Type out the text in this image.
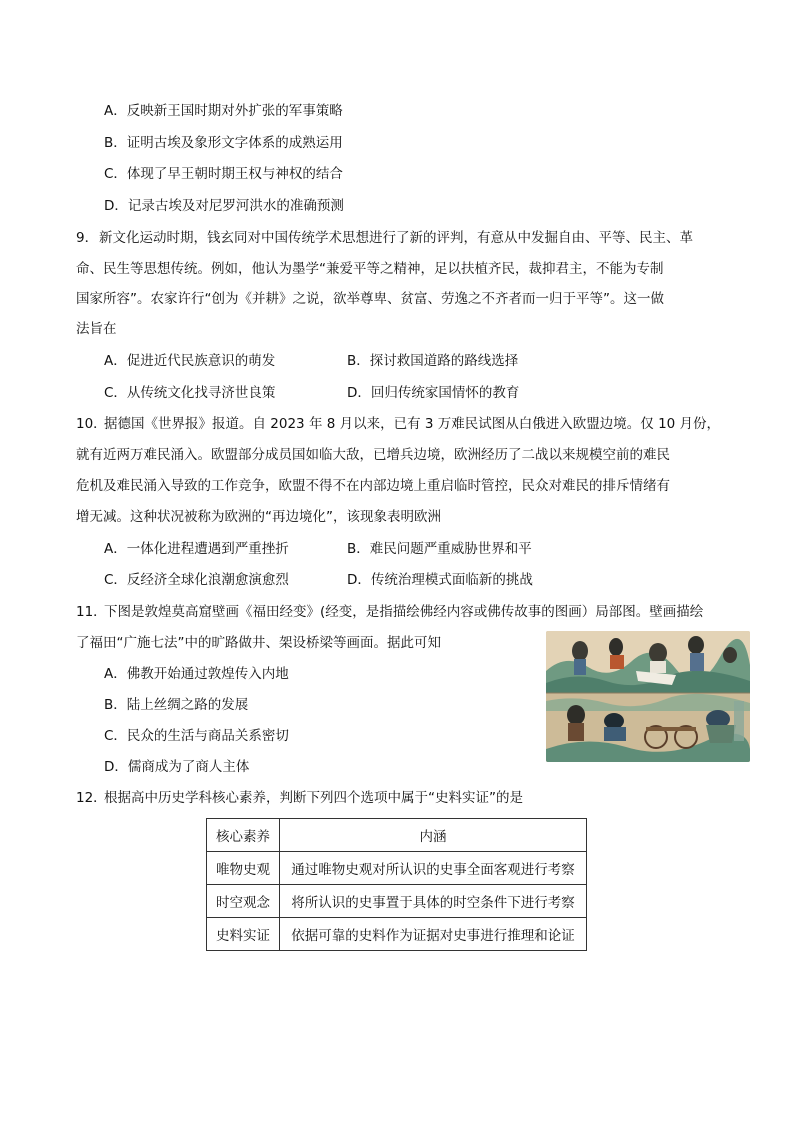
A．反映新王国时期对外扩张的军事策略
B．证明古埃及象形文字体系的成熟运用
C．体现了早王朝时期王权与神权的结合
D．记录古埃及对尼罗河洪水的准确预测
9． 新文化运动时期，钱玄同对中国传统学术思想进行了新的评判，有意从中发掘自由、平等、民主、革
命、民生等思想传统。例如，他认为墨学“兼爱平等之精神，足以扶植齐民，裁抑君主，不能为专制
国家所容”。农家许行“创为《并耕》之说，欲举尊卑、贫富、劳逸之不齐者而一归于平等”。这一做
法旨在
A．促进近代民族意识的萌发	B．探讨救国道路的路线选择
C．从传统文化找寻济世良策	D．回归传统家国情怀的教育
10．
据德国《世界报》报道。自 2023 年 8 月以来，已有 3 万难民试图从白俄进入欧盟边境。仅 10 月份，
就有近两万难民涌入。欧盟部分成员国如临大敌，已增兵边境，欧洲经历了二战以来规模空前的难民
危机及难民涌入导致的工作竞争，欧盟不得不在内部边境上重启临时管控，民众对难民的排斥情绪有
增无减。这种状况被称为欧洲的“再边境化”，该现象表明欧洲
A．一体化进程遭遇到严重挫折	B．难民问题严重威胁世界和平
C．反经济全球化浪潮愈演愈烈	D．传统治理模式面临新的挑战
11．
下图是敦煌莫高窟壁画《福田经变》(经变，是指描绘佛经内容或佛传故事的图画）局部图。壁画描绘
了福田“广施七法”中的旷路做井、架设桥梁等画面。据此可知
A．佛教开始通过敦煌传入内地
B．陆上丝绸之路的发展
C．民众的生活与商品关系密切
D．儒商成为了商人主体
12．
根据高中历史学科核心素养，判断下列四个选项中属于“史料实证”的是
核心素养	内涵
唯物史观	通过唯物史观对所认识的史事全面客观进行考察
时空观念	将所认识的史事置于具体的时空条件下进行考察
史料实证	依据可靠的史料作为证据对史事进行推理和论证
